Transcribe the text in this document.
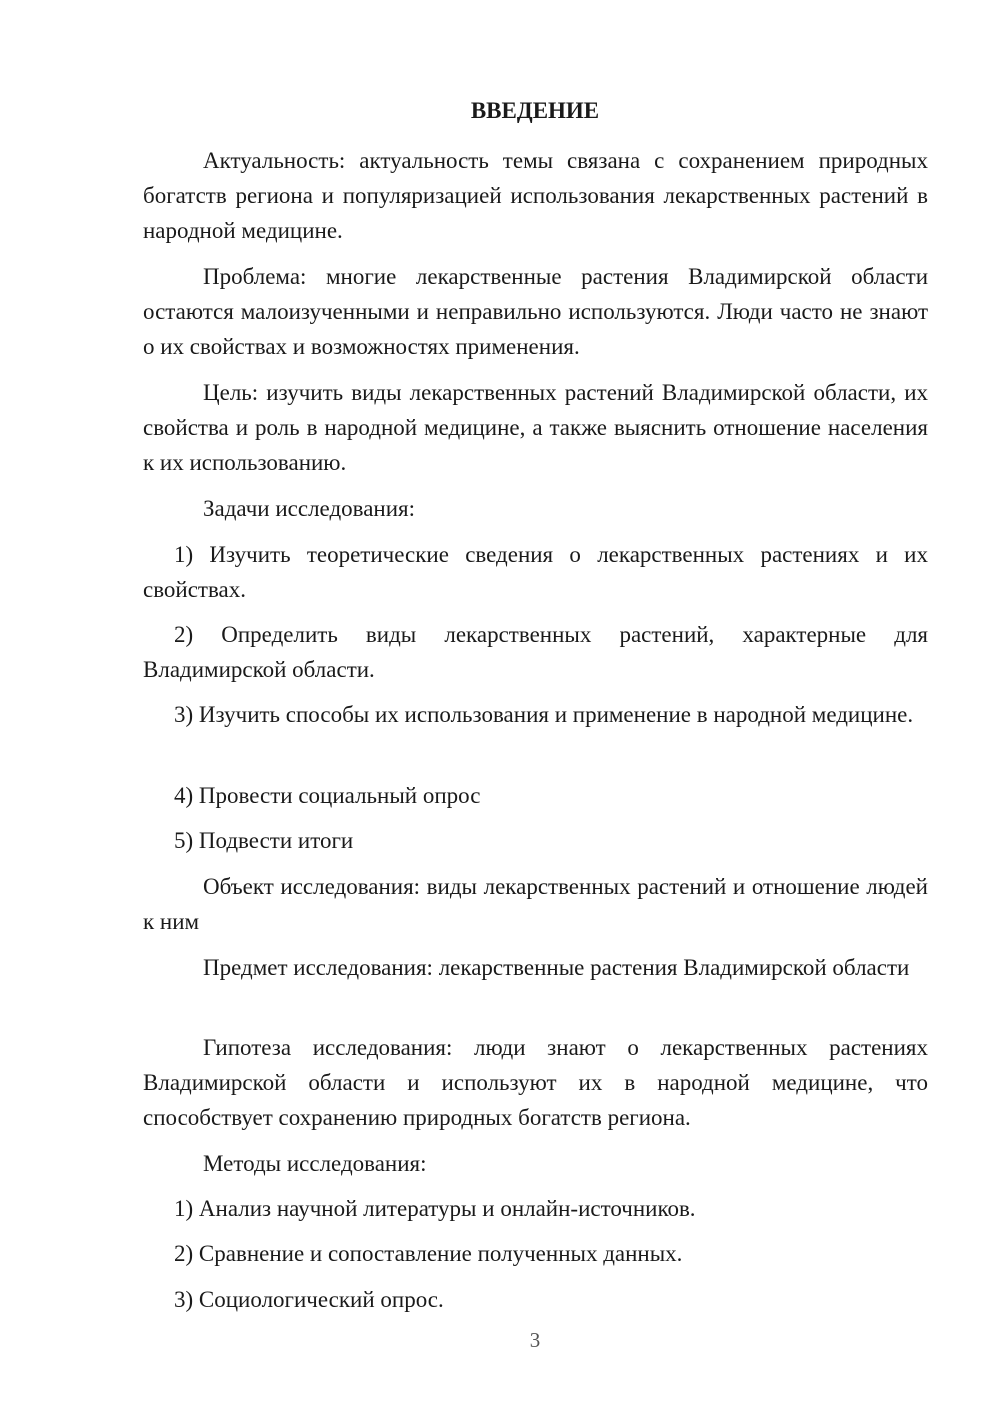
ВВЕДЕНИЕ

Актуальность: актуальность темы связана с сохранением природных богатств региона и популяризацией использования лекарственных растений в народной медицине.

Проблема: многие лекарственные растения Владимирской области остаются малоизученными и неправильно используются. Люди часто не знают о их свойствах и возможностях применения.

Цель: изучить виды лекарственных растений Владимирской области, их свойства и роль в народной медицине, а также выяснить отношение населения к их использованию.

Задачи исследования:

1) Изучить теоретические сведения о лекарственных растениях и их свойствах.

2) Определить виды лекарственных растений, характерные для Владимирской области.

3) Изучить способы их использования и применение в народной медицине.

4) Провести социальный опрос

5) Подвести итоги

Объект исследования: виды лекарственных растений и отношение людей к ним

Предмет исследования: лекарственные растения Владимирской области

Гипотеза исследования: люди знают о лекарственных растениях Владимирской области и используют их в народной медицине, что способствует сохранению природных богатств региона.

Методы исследования:

1) Анализ научной литературы и онлайн-источников.

2) Сравнение и сопоставление полученных данных.

3) Социологический опрос.

3
